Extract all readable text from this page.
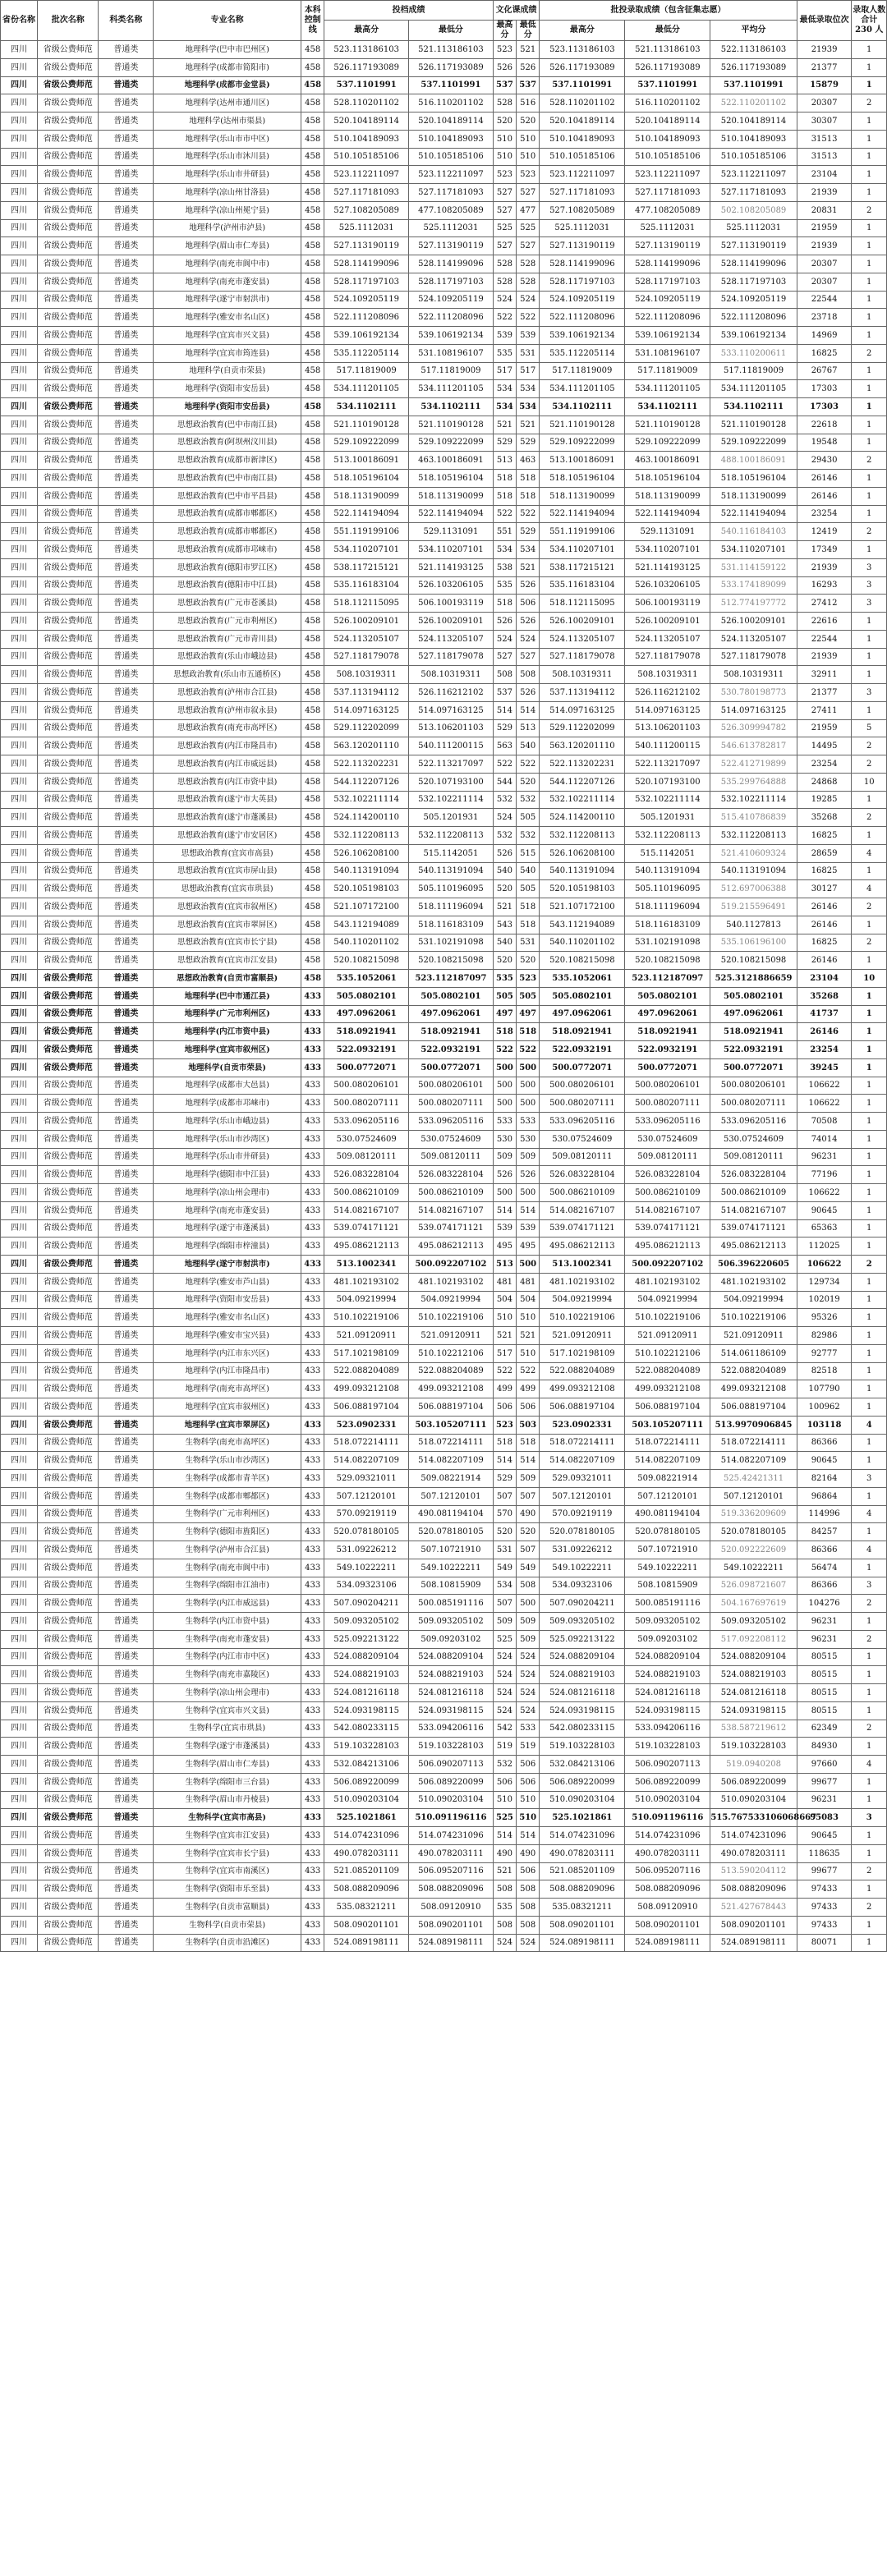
省份名称	批次名称	科类名称	专业名称	本科控制线	投档成绩		文化课成绩		批投录取成绩（包含征集志愿）			最低录取位次	录取人数合计 230 人
					最高分	最低分	最高分	最低分	最高分	最低分	平均分		
四川	省级公费师范	普通类	地理科学(巴中市巴州区)	458	523.113186103	521.113186103	523	521	523.113186103	521.113186103	522.113186103	21939	1
四川	省级公费师范	普通类	地理科学(成都市简阳市)	458	526.117193089	526.117193089	526	526	526.117193089	526.117193089	526.117193089	21377	1
四川	省级公费师范	普通类	地理科学(成都市金堂县)	458	537.1101991	537.1101991	537	537	537.1101991	537.1101991	537.1101991	15879	1
四川	省级公费师范	普通类	地理科学(达州市通川区)	458	528.110201102	516.110201102	528	516	528.110201102	516.110201102	522.110201102	20307	2
四川	省级公费师范	普通类	地理科学(达州市渠县)	458	520.104189114	520.104189114	520	520	520.104189114	520.104189114	520.104189114	30307	1
四川	省级公费师范	普通类	地理科学(乐山市市中区)	458	510.104189093	510.104189093	510	510	510.104189093	510.104189093	510.104189093	31513	1
四川	省级公费师范	普通类	地理科学(乐山市沐川县)	458	510.105185106	510.105185106	510	510	510.105185106	510.105185106	510.105185106	31513	1
四川	省级公费师范	普通类	地理科学(乐山市井研县)	458	523.112211097	523.112211097	523	523	523.112211097	523.112211097	523.112211097	23104	1
四川	省级公费师范	普通类	地理科学(凉山州甘洛县)	458	527.117181093	527.117181093	527	527	527.117181093	527.117181093	527.117181093	21939	1
四川	省级公费师范	普通类	地理科学(凉山州冕宁县)	458	527.108205089	477.108205089	527	477	527.108205089	477.108205089	502.108205089	20831	2
四川	省级公费师范	普通类	地理科学(泸州市泸县)	458	525.1112031	525.1112031	525	525	525.1112031	525.1112031	525.1112031	21959	1
四川	省级公费师范	普通类	地理科学(眉山市仁寿县)	458	527.113190119	527.113190119	527	527	527.113190119	527.113190119	527.113190119	21939	1
四川	省级公费师范	普通类	地理科学(南充市阆中市)	458	528.114199096	528.114199096	528	528	528.114199096	528.114199096	528.114199096	20307	1
四川	省级公费师范	普通类	地理科学(南充市蓬安县)	458	528.117197103	528.117197103	528	528	528.117197103	528.117197103	528.117197103	20307	1
四川	省级公费师范	普通类	地理科学(遂宁市射洪市)	458	524.109205119	524.109205119	524	524	524.109205119	524.109205119	524.109205119	22544	1
四川	省级公费师范	普通类	地理科学(雅安市名山区)	458	522.111208096	522.111208096	522	522	522.111208096	522.111208096	522.111208096	23718	1
四川	省级公费师范	普通类	地理科学(宜宾市兴文县)	458	539.106192134	539.106192134	539	539	539.106192134	539.106192134	539.106192134	14969	1
四川	省级公费师范	普通类	地理科学(宜宾市筠连县)	458	535.112205114	531.108196107	535	531	535.112205114	531.108196107	533.110200611	16825	2
四川	省级公费师范	普通类	地理科学(自贡市荣县)	458	517.11819009	517.11819009	517	517	517.11819009	517.11819009	517.11819009	26767	1
四川	省级公费师范	普通类	地理科学(资阳市安岳县)	458	534.111201105	534.111201105	534	534	534.111201105	534.111201105	534.111201105	17303	1
四川	省级公费师范	普通类	地理科学(资阳市安岳县)	458	534.1102111	534.1102111	534	534	534.1102111	534.1102111	534.1102111	17303	1
四川	省级公费师范	普通类	思想政治教育(巴中市南江县)	458	521.110190128	521.110190128	521	521	521.110190128	521.110190128	521.110190128	22618	1
四川	省级公费师范	普通类	思想政治教育(阿坝州汶川县)	458	529.109222099	529.109222099	529	529	529.109222099	529.109222099	529.109222099	19548	1
四川	省级公费师范	普通类	思想政治教育(成都市新津区)	458	513.100186091	463.100186091	513	463	513.100186091	463.100186091	488.100186091	29430	2
四川	省级公费师范	普通类	思想政治教育(巴中市南江县)	458	518.105196104	518.105196104	518	518	518.105196104	518.105196104	518.105196104	26146	1
四川	省级公费师范	普通类	思想政治教育(巴中市平昌县)	458	518.113190099	518.113190099	518	518	518.113190099	518.113190099	518.113190099	26146	1
四川	省级公费师范	普通类	思想政治教育(成都市郫都区)	458	522.114194094	522.114194094	522	522	522.114194094	522.114194094	522.114194094	23254	1
四川	省级公费师范	普通类	思想政治教育(成都市郫都区)	458	551.119199106	529.1131091	551	529	551.119199106	529.1131091	540.116184103	12419	2
四川	省级公费师范	普通类	思想政治教育(成都市邛崃市)	458	534.110207101	534.110207101	534	534	534.110207101	534.110207101	534.110207101	17349	1
四川	省级公费师范	普通类	思想政治教育(德阳市罗江区)	458	538.117215121	521.114193125	538	521	538.117215121	521.114193125	531.114159122	21939	3
四川	省级公费师范	普通类	思想政治教育(德阳市中江县)	458	535.116183104	526.103206105	535	526	535.116183104	526.103206105	533.174189099	16293	3
四川	省级公费师范	普通类	思想政治教育(广元市苍溪县)	458	518.112115095	506.100193119	518	506	518.112115095	506.100193119	512.774197772	27412	3
四川	省级公费师范	普通类	思想政治教育(广元市利州区)	458	526.100209101	526.100209101	526	526	526.100209101	526.100209101	526.100209101	22616	1
四川	省级公费师范	普通类	思想政治教育(广元市青川县)	458	524.113205107	524.113205107	524	524	524.113205107	524.113205107	524.113205107	22544	1
四川	省级公费师范	普通类	思想政治教育(乐山市峨边县)	458	527.118179078	527.118179078	527	527	527.118179078	527.118179078	527.118179078	21939	1
四川	省级公费师范	普通类	思想政治教育(乐山市五通桥区)	458	508.10319311	508.10319311	508	508	508.10319311	508.10319311	508.10319311	32911	1
四川	省级公费师范	普通类	思想政治教育(泸州市合江县)	458	537.113194112	526.116212102	537	526	537.113194112	526.116212102	530.780198773	21377	3
四川	省级公费师范	普通类	思想政治教育(泸州市叙永县)	458	514.097163125	514.097163125	514	514	514.097163125	514.097163125	514.097163125	27411	1
四川	省级公费师范	普通类	思想政治教育(南充市高坪区)	458	529.112202099	513.106201103	529	513	529.112202099	513.106201103	526.309994782	21959	5
四川	省级公费师范	普通类	思想政治教育(内江市隆昌市)	458	563.120201110	540.111200115	563	540	563.120201110	540.111200115	546.613782817	14495	2
四川	省级公费师范	普通类	思想政治教育(内江市威远县)	458	522.113202231	522.113217097	522	522	522.113202231	522.113217097	522.412719899	23254	2
四川	省级公费师范	普通类	思想政治教育(内江市资中县)	458	544.112207126	520.107193100	544	520	544.112207126	520.107193100	535.299764888	24868	10
四川	省级公费师范	普通类	思想政治教育(遂宁市大英县)	458	532.102211114	532.102211114	532	532	532.102211114	532.102211114	532.102211114	19285	1
四川	省级公费师范	普通类	思想政治教育(遂宁市蓬溪县)	458	524.114200110	505.1201931	524	505	524.114200110	505.1201931	515.410786839	35268	2
四川	省级公费师范	普通类	思想政治教育(遂宁市安居区)	458	532.112208113	532.112208113	532	532	532.112208113	532.112208113	532.112208113	16825	1
四川	省级公费师范	普通类	思想政治教育(宜宾市高县)	458	526.106208100	515.1142051	526	515	526.106208100	515.1142051	521.410609324	28659	4
四川	省级公费师范	普通类	思想政治教育(宜宾市屏山县)	458	540.113191094	540.113191094	540	540	540.113191094	540.113191094	540.113191094	16825	1
四川	省级公费师范	普通类	思想政治教育(宜宾市珙县)	458	520.105198103	505.110196095	520	505	520.105198103	505.110196095	512.697006388	30127	4
四川	省级公费师范	普通类	思想政治教育(宜宾市叙州区)	458	521.107172100	518.111196094	521	518	521.107172100	518.111196094	519.215596491	26146	2
四川	省级公费师范	普通类	思想政治教育(宜宾市翠屏区)	458	543.112194089	518.116183109	543	518	543.112194089	518.116183109	540.1127813	26146	1
四川	省级公费师范	普通类	思想政治教育(宜宾市长宁县)	458	540.110201102	531.102191098	540	531	540.110201102	531.102191098	535.106196100	16825	2
四川	省级公费师范	普通类	思想政治教育(宜宾市江安县)	458	520.108215098	520.108215098	520	520	520.108215098	520.108215098	520.108215098	26146	1
四川	省级公费师范	普通类	思想政治教育(自贡市富顺县)	458	535.1052061	523.112187097	535	523	535.1052061	523.112187097	525.3121886659	23104	10
四川	省级公费师范	普通类	地理科学(巴中市通江县)	433	505.0802101	505.0802101	505	505	505.0802101	505.0802101	505.0802101	35268	1
四川	省级公费师范	普通类	地理科学(广元市利州区)	433	497.0962061	497.0962061	497	497	497.0962061	497.0962061	497.0962061	41737	1
四川	省级公费师范	普通类	地理科学(内江市资中县)	433	518.0921941	518.0921941	518	518	518.0921941	518.0921941	518.0921941	26146	1
四川	省级公费师范	普通类	地理科学(宜宾市叙州区)	433	522.0932191	522.0932191	522	522	522.0932191	522.0932191	522.0932191	23254	1
四川	省级公费师范	普通类	地理科学(自贡市荣县)	433	500.0772071	500.0772071	500	500	500.0772071	500.0772071	500.0772071	39245	1
四川	省级公费师范	普通类	地理科学(成都市大邑县)	433	500.080206101	500.080206101	500	500	500.080206101	500.080206101	500.080206101	106622	1
四川	省级公费师范	普通类	地理科学(成都市邛崃市)	433	500.080207111	500.080207111	500	500	500.080207111	500.080207111	500.080207111	106622	1
四川	省级公费师范	普通类	地理科学(乐山市峨边县)	433	533.096205116	533.096205116	533	533	533.096205116	533.096205116	533.096205116	70508	1
四川	省级公费师范	普通类	地理科学(乐山市沙湾区)	433	530.07524609	530.07524609	530	530	530.07524609	530.07524609	530.07524609	74014	1
四川	省级公费师范	普通类	地理科学(乐山市井研县)	433	509.08120111	509.08120111	509	509	509.08120111	509.08120111	509.08120111	96231	1
四川	省级公费师范	普通类	地理科学(德阳市中江县)	433	526.083228104	526.083228104	526	526	526.083228104	526.083228104	526.083228104	77196	1
四川	省级公费师范	普通类	地理科学(凉山州会理市)	433	500.086210109	500.086210109	500	500	500.086210109	500.086210109	500.086210109	106622	1
四川	省级公费师范	普通类	地理科学(南充市蓬安县)	433	514.082167107	514.082167107	514	514	514.082167107	514.082167107	514.082167107	90645	1
四川	省级公费师范	普通类	地理科学(遂宁市蓬溪县)	433	539.074171121	539.074171121	539	539	539.074171121	539.074171121	539.074171121	65363	1
四川	省级公费师范	普通类	地理科学(绵阳市梓潼县)	433	495.086212113	495.086212113	495	495	495.086212113	495.086212113	495.086212113	112025	1
四川	省级公费师范	普通类	地理科学(遂宁市射洪市)	433	513.1002341	500.092207102	513	500	513.1002341	500.092207102	506.396220605	106622	2
四川	省级公费师范	普通类	地理科学(雅安市芦山县)	433	481.102193102	481.102193102	481	481	481.102193102	481.102193102	481.102193102	129734	1
四川	省级公费师范	普通类	地理科学(资阳市安岳县)	433	504.09219994	504.09219994	504	504	504.09219994	504.09219994	504.09219994	102019	1
四川	省级公费师范	普通类	地理科学(雅安市名山区)	433	510.102219106	510.102219106	510	510	510.102219106	510.102219106	510.102219106	95326	1
四川	省级公费师范	普通类	地理科学(雅安市宝兴县)	433	521.09120911	521.09120911	521	521	521.09120911	521.09120911	521.09120911	82986	1
四川	省级公费师范	普通类	地理科学(内江市东兴区)	433	517.102198109	510.102212106	517	510	517.102198109	510.102212106	514.061186109	92777	1
四川	省级公费师范	普通类	地理科学(内江市隆昌市)	433	522.088204089	522.088204089	522	522	522.088204089	522.088204089	522.088204089	82518	1
四川	省级公费师范	普通类	地理科学(南充市高坪区)	433	499.093212108	499.093212108	499	499	499.093212108	499.093212108	499.093212108	107790	1
四川	省级公费师范	普通类	地理科学(宜宾市叙州区)	433	506.088197104	506.088197104	506	506	506.088197104	506.088197104	506.088197104	100962	1
四川	省级公费师范	普通类	地理科学(宜宾市翠屏区)	433	523.0902331	503.105207111	523	503	523.0902331	503.105207111	513.9970906845	103118	4
四川	省级公费师范	普通类	生物科学(南充市高坪区)	433	518.072214111	518.072214111	518	518	518.072214111	518.072214111	518.072214111	86366	1
四川	省级公费师范	普通类	生物科学(乐山市沙湾区)	433	514.082207109	514.082207109	514	514	514.082207109	514.082207109	514.082207109	90645	1
四川	省级公费师范	普通类	生物科学(成都市青羊区)	433	529.09321011	509.08221914	529	509	529.09321011	509.08221914	525.42421311	82164	3
四川	省级公费师范	普通类	生物科学(成都市郫都区)	433	507.12120101	507.12120101	507	507	507.12120101	507.12120101	507.12120101	96864	1
四川	省级公费师范	普通类	生物科学(广元市利州区)	433	570.09219119	490.081194104	570	490	570.09219119	490.081194104	519.336209609	114996	4
四川	省级公费师范	普通类	生物科学(德阳市旌阳区)	433	520.078180105	520.078180105	520	520	520.078180105	520.078180105	520.078180105	84257	1
四川	省级公费师范	普通类	生物科学(泸州市合江县)	433	531.09226212	507.10721910	531	507	531.09226212	507.10721910	520.092222609	86366	4
四川	省级公费师范	普通类	生物科学(南充市阆中市)	433	549.10222211	549.10222211	549	549	549.10222211	549.10222211	549.10222211	56474	1
四川	省级公费师范	普通类	生物科学(绵阳市江油市)	433	534.09323106	508.10815909	534	508	534.09323106	508.10815909	526.098721607	86366	3
四川	省级公费师范	普通类	生物科学(内江市威远县)	433	507.090204211	500.085191116	507	500	507.090204211	500.085191116	504.167697619	104276	2
四川	省级公费师范	普通类	生物科学(内江市资中县)	433	509.093205102	509.093205102	509	509	509.093205102	509.093205102	509.093205102	96231	1
四川	省级公费师范	普通类	生物科学(南充市蓬安县)	433	525.092213122	509.09203102	525	509	525.092213122	509.09203102	517.092208112	96231	2
四川	省级公费师范	普通类	生物科学(内江市市中区)	433	524.088209104	524.088209104	524	524	524.088209104	524.088209104	524.088209104	80515	1
四川	省级公费师范	普通类	生物科学(南充市嘉陵区)	433	524.088219103	524.088219103	524	524	524.088219103	524.088219103	524.088219103	80515	1
四川	省级公费师范	普通类	生物科学(凉山州会理市)	433	524.081216118	524.081216118	524	524	524.081216118	524.081216118	524.081216118	80515	1
四川	省级公费师范	普通类	生物科学(宜宾市兴文县)	433	524.093198115	524.093198115	524	524	524.093198115	524.093198115	524.093198115	80515	1
四川	省级公费师范	普通类	生物科学(宜宾市珙县)	433	542.080233115	533.094206116	542	533	542.080233115	533.094206116	538.587219612	62349	2
四川	省级公费师范	普通类	生物科学(遂宁市蓬溪县)	433	519.103228103	519.103228103	519	519	519.103228103	519.103228103	519.103228103	84930	1
四川	省级公费师范	普通类	生物科学(眉山市仁寿县)	433	532.084213106	506.090207113	532	506	532.084213106	506.090207113	519.0940208	97660	4
四川	省级公费师范	普通类	生物科学(绵阳市三台县)	433	506.089220099	506.089220099	506	506	506.089220099	506.089220099	506.089220099	99677	1
四川	省级公费师范	普通类	生物科学(眉山市丹棱县)	433	510.090203104	510.090203104	510	510	510.090203104	510.090203104	510.090203104	96231	1
四川	省级公费师范	普通类	生物科学(宜宾市高县)	433	525.1021861	510.091196116	525	510	525.1021861	510.091196116	515.767533106068667	95083	3
四川	省级公费师范	普通类	生物科学(宜宾市江安县)	433	514.074231096	514.074231096	514	514	514.074231096	514.074231096	514.074231096	90645	1
四川	省级公费师范	普通类	生物科学(宜宾市长宁县)	433	490.078203111	490.078203111	490	490	490.078203111	490.078203111	490.078203111	118635	1
四川	省级公费师范	普通类	生物科学(宜宾市南溪区)	433	521.085201109	506.095207116	521	506	521.085201109	506.095207116	513.590204112	99677	2
四川	省级公费师范	普通类	生物科学(资阳市乐至县)	433	508.088209096	508.088209096	508	508	508.088209096	508.088209096	508.088209096	97433	1
四川	省级公费师范	普通类	生物科学(自贡市富顺县)	433	535.08321211	508.09120910	535	508	535.08321211	508.09120910	521.427678443	97433	2
四川	省级公费师范	普通类	生物科学(自贡市荣县)	433	508.090201101	508.090201101	508	508	508.090201101	508.090201101	508.090201101	97433	1
四川	省级公费师范	普通类	生物科学(自贡市沿滩区)	433	524.089198111	524.089198111	524	524	524.089198111	524.089198111	524.089198111	80071	1
